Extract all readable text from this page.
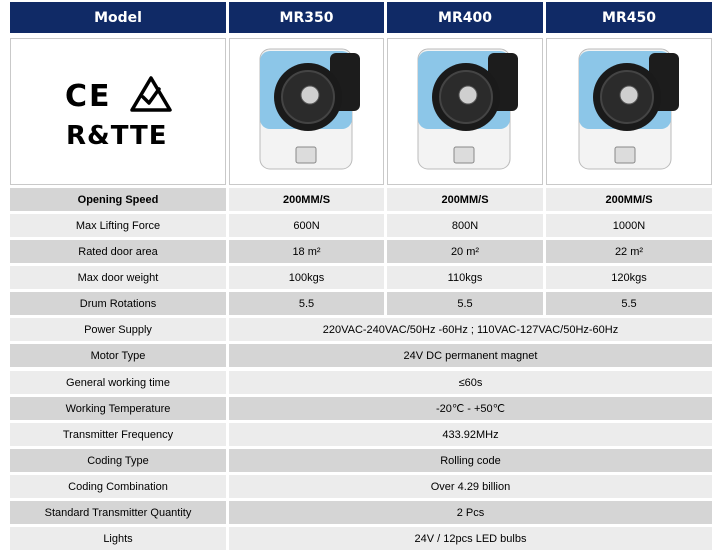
Model	MR350	MR400	MR450
CE
R&TTE
Opening Speed	200MM/S	200MM/S	200MM/S
Max Lifting Force	600N	800N	1000N
Rated door area	18 m²	20 m²	22 m²
Max door weight	100kgs	110kgs	120kgs
Drum Rotations	5.5	5.5	5.5
Power Supply	220VAC-240VAC/50Hz -60Hz ; 110VAC-127VAC/50Hz-60Hz
Motor Type	24V DC permanent magnet
General working time	≤60s
Working Temperature	-20℃ - +50℃
Transmitter Frequency	433.92MHz
Coding Type	Rolling code
Coding Combination	Over 4.29 billion
Standard Transmitter Quantity	2 Pcs
Lights	24V / 12pcs LED bulbs
